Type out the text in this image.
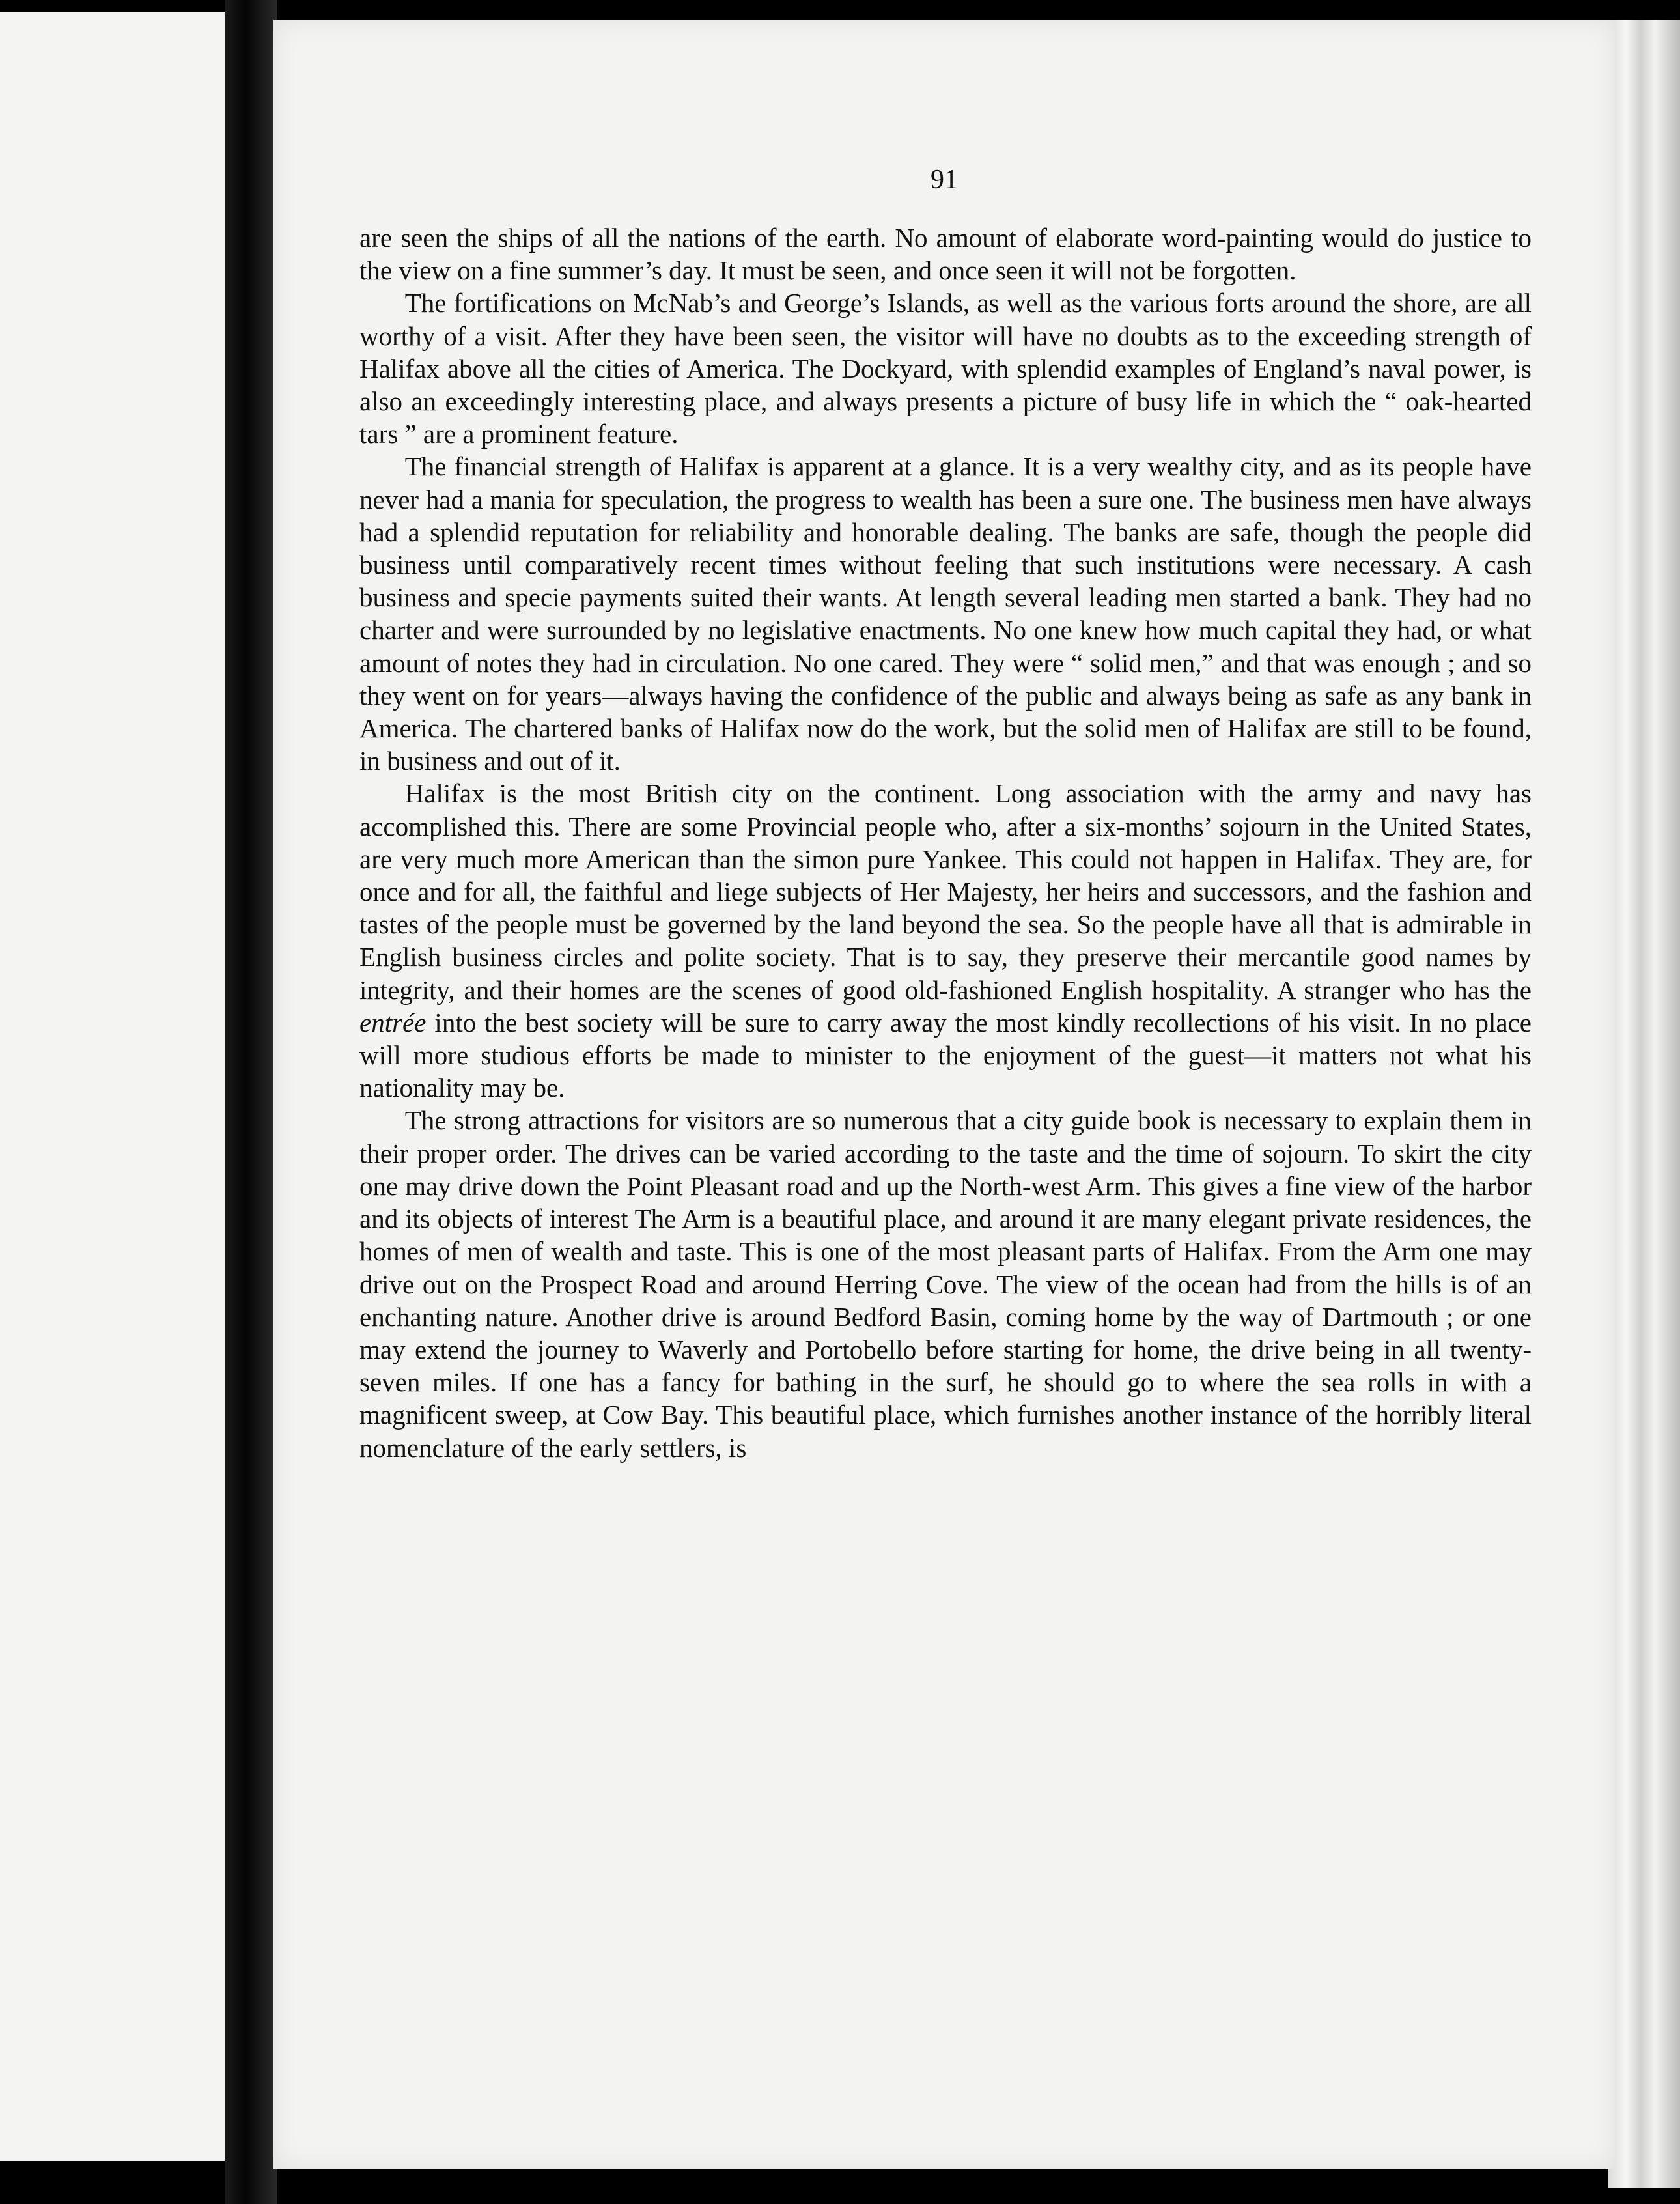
91

are seen the ships of all the nations of the earth. No amount of elaborate word-painting would do justice to the view on a fine summer’s day. It must be seen, and once seen it will not be forgotten.

The fortifications on McNab’s and George’s Islands, as well as the various forts around the shore, are all worthy of a visit. After they have been seen, the visitor will have no doubts as to the exceeding strength of Halifax above all the cities of America. The Dockyard, with splendid examples of England’s naval power, is also an exceedingly interesting place, and always presents a picture of busy life in which the “ oak-hearted tars ” are a prominent feature.

The financial strength of Halifax is apparent at a glance. It is a very wealthy city, and as its people have never had a mania for speculation, the progress to wealth has been a sure one. The business men have always had a splendid reputation for reliability and honorable dealing. The banks are safe, though the people did business until comparatively recent times without feeling that such institutions were necessary. A cash business and specie payments suited their wants. At length several leading men started a bank. They had no charter and were surrounded by no legislative enactments. No one knew how much capital they had, or what amount of notes they had in circulation. No one cared. They were “ solid men,” and that was enough ; and so they went on for years—always having the confidence of the public and always being as safe as any bank in America. The chartered banks of Halifax now do the work, but the solid men of Halifax are still to be found, in business and out of it.

Halifax is the most British city on the continent. Long association with the army and navy has accomplished this. There are some Provincial people who, after a six-months’ sojourn in the United States, are very much more American than the simon pure Yankee. This could not happen in Halifax. They are, for once and for all, the faithful and liege subjects of Her Majesty, her heirs and successors, and the fashion and tastes of the people must be governed by the land beyond the sea. So the people have all that is admirable in English business circles and polite society. That is to say, they preserve their mercantile good names by integrity, and their homes are the scenes of good old-fashioned English hospitality. A stranger who has the entrée into the best society will be sure to carry away the most kindly recollections of his visit. In no place will more studious efforts be made to minister to the enjoyment of the guest—it matters not what his nationality may be.

The strong attractions for visitors are so numerous that a city guide book is necessary to explain them in their proper order. The drives can be varied according to the taste and the time of sojourn. To skirt the city one may drive down the Point Pleasant road and up the North-west Arm. This gives a fine view of the harbor and its objects of interest The Arm is a beautiful place, and around it are many elegant private residences, the homes of men of wealth and taste. This is one of the most pleasant parts of Halifax. From the Arm one may drive out on the Prospect Road and around Herring Cove. The view of the ocean had from the hills is of an enchanting nature. Another drive is around Bedford Basin, coming home by the way of Dartmouth ; or one may extend the journey to Waverly and Portobello before starting for home, the drive being in all twenty-seven miles. If one has a fancy for bathing in the surf, he should go to where the sea rolls in with a magnificent sweep, at Cow Bay. This beautiful place, which furnishes another instance of the horribly literal nomenclature of the early settlers, is
